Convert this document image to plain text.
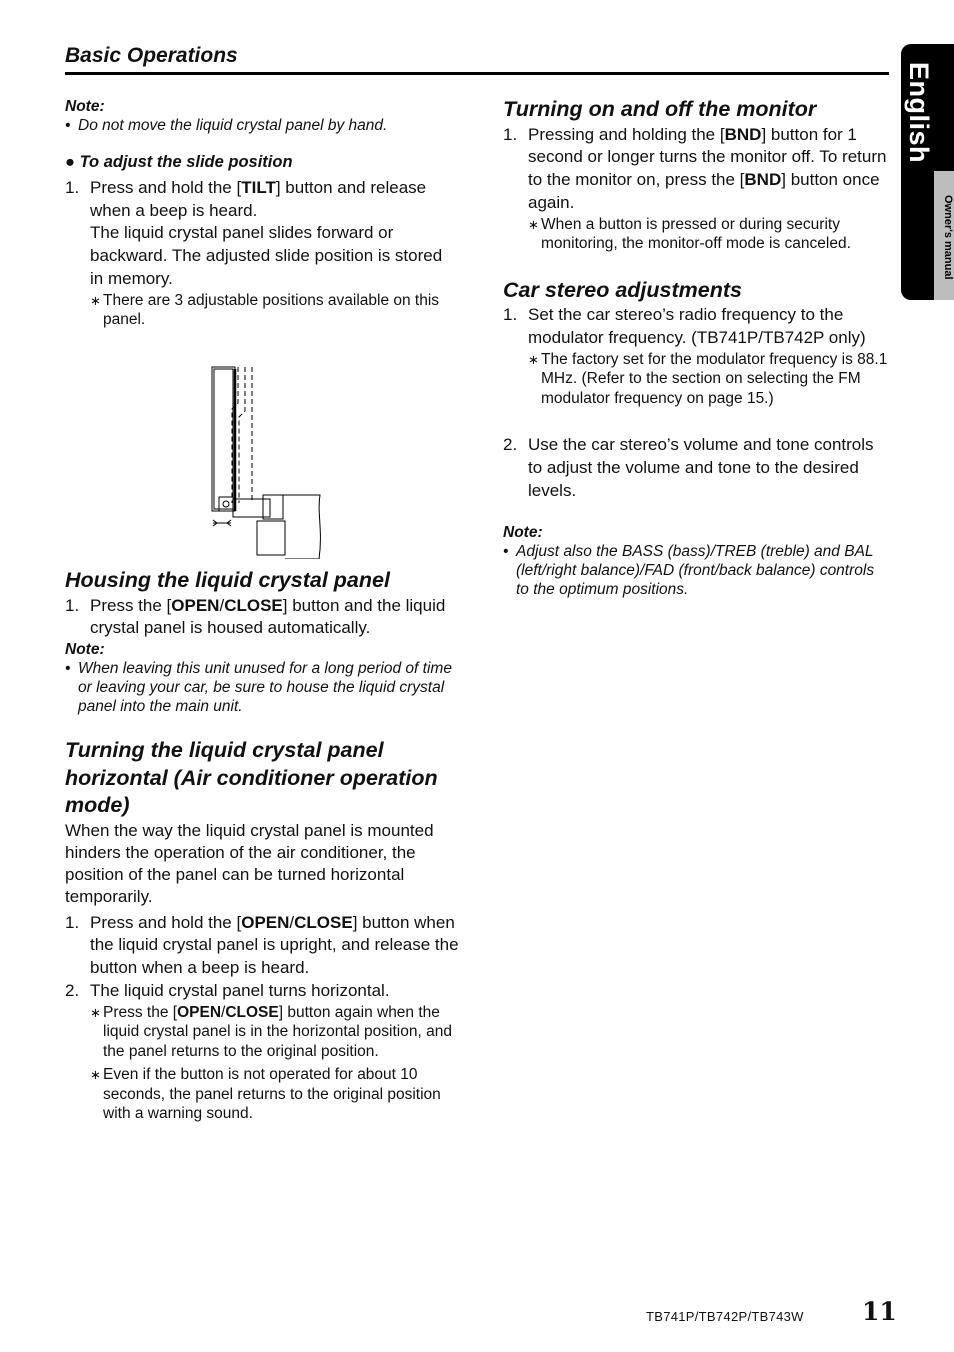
Basic Operations
English
Owner's manual
Note:
• Do not move the liquid crystal panel by hand.
● To adjust the slide position
1. Press and hold the [TILT] button and release when a beep is heard.
The liquid crystal panel slides forward or backward. The adjusted slide position is stored in memory.
∗ There are 3 adjustable positions available on this panel.
Housing the liquid crystal panel
1. Press the [OPEN/CLOSE] button and the liquid crystal panel is housed automatically.
Note:
• When leaving this unit unused for a long period of time or leaving your car, be sure to house the liquid crystal panel into the main unit.
Turning the liquid crystal panel horizontal (Air conditioner operation mode)
When the way the liquid crystal panel is mounted hinders the operation of the air conditioner, the position of the panel can be turned horizontal temporarily.
1. Press and hold the [OPEN/CLOSE] button when the liquid crystal panel is upright, and release the button when a beep is heard.
2. The liquid crystal panel turns horizontal.
∗ Press the [OPEN/CLOSE] button again when the liquid crystal panel is in the horizontal position, and the panel returns to the original position.
∗ Even if the button is not operated for about 10 seconds, the panel returns to the original position with a warning sound.
Turning on and off the monitor
1. Pressing and holding the [BND] button for 1 second or longer turns the monitor off. To return to the monitor on, press the [BND] button once again.
∗ When a button is pressed or during security monitoring, the monitor-off mode is canceled.
Car stereo adjustments
1. Set the car stereo’s radio frequency to the modulator frequency. (TB741P/TB742P only)
∗ The factory set for the modulator frequency is 88.1 MHz. (Refer to the section on selecting the FM modulator frequency on page 15.)
2. Use the car stereo’s volume and tone controls to adjust the volume and tone to the desired levels.
Note:
• Adjust also the BASS (bass)/TREB (treble) and BAL (left/right balance)/FAD (front/back balance) controls to the optimum positions.
TB741P/TB742P/TB743W 11
